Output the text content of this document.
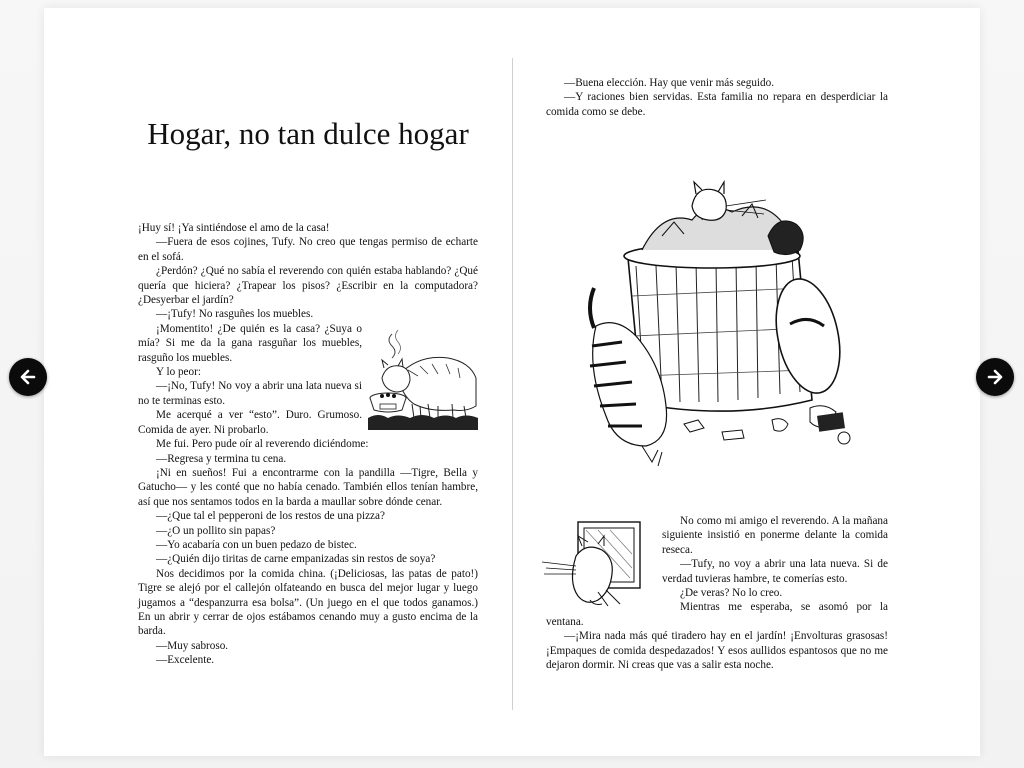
Hogar, no tan dulce hogar

¡Huy sí! ¡Ya sintiéndose el amo de la casa!

—Fuera de esos cojines, Tufy. No creo que tengas permiso de echarte en el sofá.

¿Perdón? ¿Qué no sabía el reverendo con quién estaba hablando? ¿Qué quería que hiciera? ¿Trapear los pisos? ¿Escribir en la computadora? ¿Desyerbar el jardín?

—¡Tufy! No rasguñes los muebles.

¡Momentito! ¿De quién es la casa? ¿Suya o mía? Si me da la gana rasguñar los muebles, rasguño los muebles.

Y lo peor:

—¡No, Tufy! No voy a abrir una lata nueva si no te terminas esto.

Me acerqué a ver “esto”. Duro. Grumoso. Comida de ayer. Ni probarlo.

Me fui. Pero pude oír al reverendo diciéndome:

—Regresa y termina tu cena.

¡Ni en sueños! Fui a encontrarme con la pandilla —Tigre, Bella y Gatucho— y les conté que no había cenado. También ellos tenían hambre, así que nos sentamos todos en la barda a maullar sobre dónde cenar.

—¿Que tal el pepperoni de los restos de una pizza?

—¿O un pollito sin papas?

—Yo acabaría con un buen pedazo de bistec.

—¿Quién dijo tiritas de carne empanizadas sin restos de soya?

Nos decidimos por la comida china. (¡Deliciosas, las patas de pato!) Tigre se alejó por el callejón olfateando en busca del mejor lugar y luego jugamos a “despanzurra esa bolsa”. (Un juego en el que todos ganamos.) En un abrir y cerrar de ojos estábamos cenando muy a gusto encima de la barda.

—Muy sabroso.

—Excelente.

—Buena elección. Hay que venir más seguido.

—Y raciones bien servidas. Esta familia no repara en desperdiciar la comida como se debe.

No como mi amigo el reverendo. A la mañana siguiente insistió en ponerme delante la comida reseca.

—Tufy, no voy a abrir una lata nueva. Si de verdad tuvieras hambre, te comerías esto.

¿De veras? No lo creo.

Mientras me esperaba, se asomó por la ventana.

—¡Mira nada más qué tiradero hay en el jardín! ¡Envolturas grasosas! ¡Empaques de comida despedazados! Y esos aullidos espantosos que no me dejaron dormir. Ni creas que vas a salir esta noche.
